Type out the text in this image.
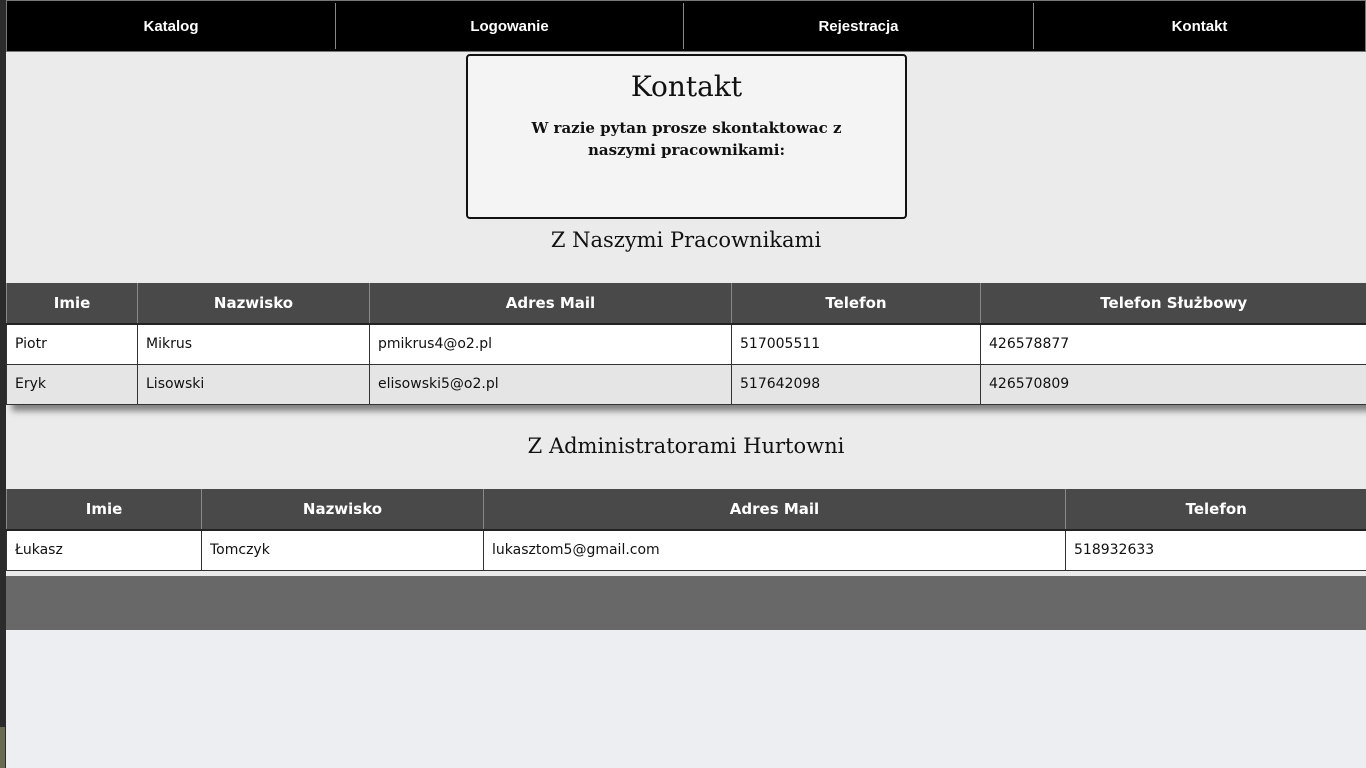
Katalog	Logowanie	Rejestracja	Kontakt
Kontakt
W razie pytan prosze skontaktowac z naszymi pracownikami:
Z Naszymi Pracownikami
Imie	Nazwisko	Adres Mail	Telefon	Telefon Służbowy
Piotr	Mikrus	pmikrus4@o2.pl	517005511	426578877
Eryk	Lisowski	elisowski5@o2.pl	517642098	426570809
Z Administratorami Hurtowni
Imie	Nazwisko	Adres Mail	Telefon
Łukasz	Tomczyk	lukasztom5@gmail.com	518932633
